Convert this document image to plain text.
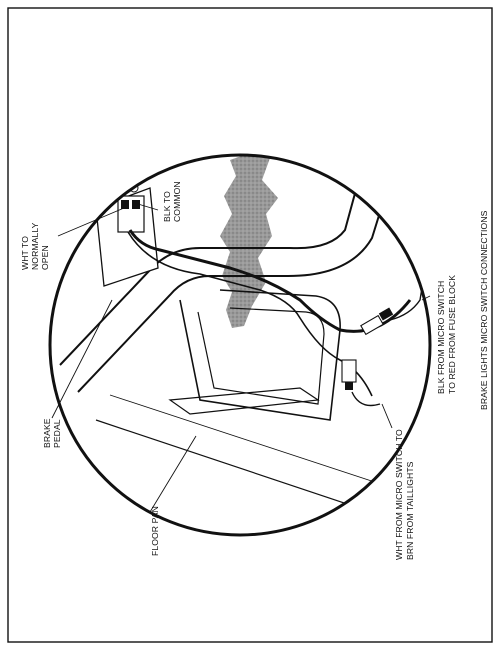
WHT TO NORMALLY OPEN
BLK TO COMMON
BRAKE PEDAL
FLOOR PAN
BLK FROM MICRO SWITCH TO RED FROM FUSE BLOCK
WHT FROM MICRO SWITCH TO BRN FROM TAILLIGHTS
BRAKE LIGHTS MICRO SWITCH CONNECTIONS
